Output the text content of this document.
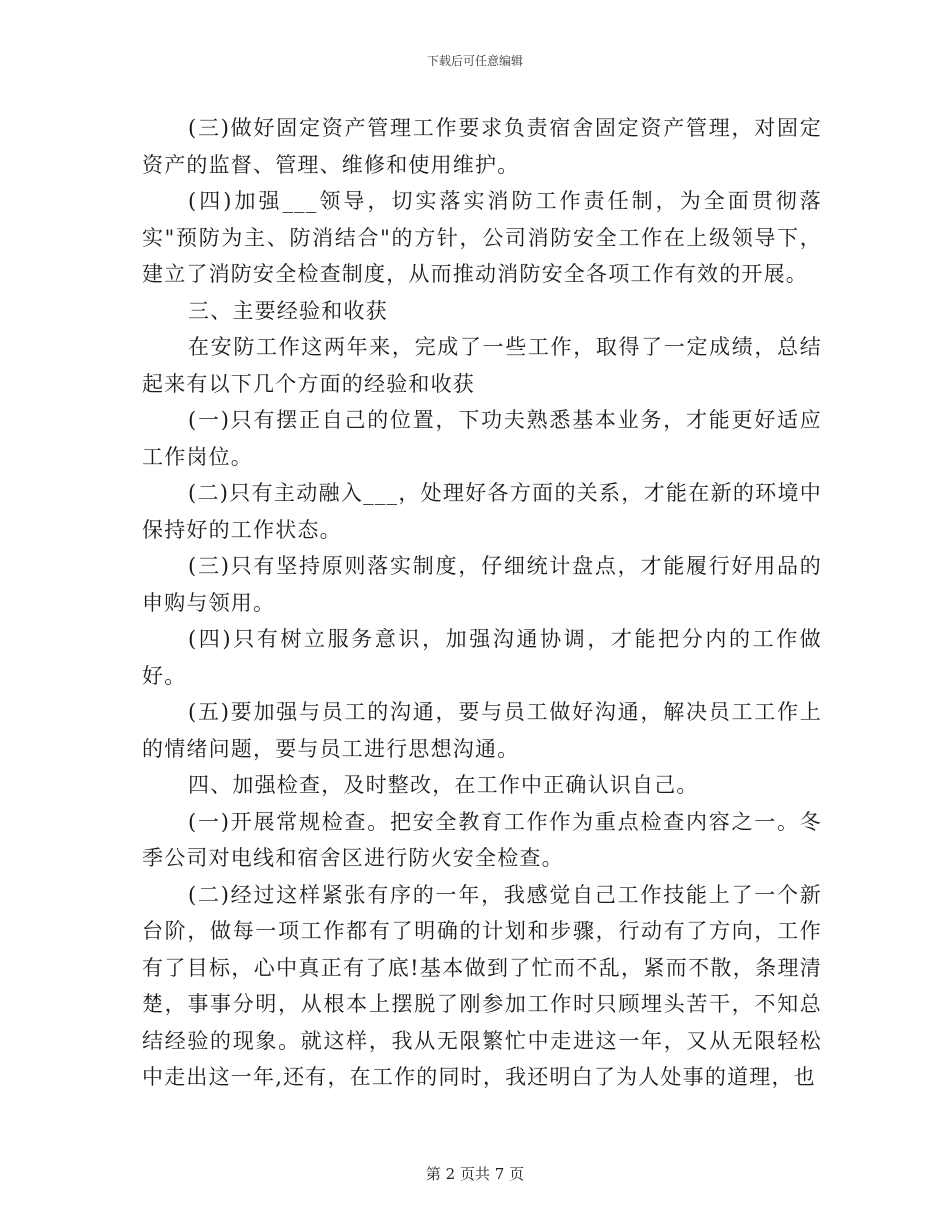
下载后可任意编辑

(三)做好固定资产管理工作要求负责宿舍固定资产管理，对固定资产的监督、管理、维修和使用维护。

(四)加强___领导，切实落实消防工作责任制，为全面贯彻落实"预防为主、防消结合"的方针，公司消防安全工作在上级领导下，建立了消防安全检查制度，从而推动消防安全各项工作有效的开展。

三、主要经验和收获

在安防工作这两年来，完成了一些工作，取得了一定成绩，总结起来有以下几个方面的经验和收获

(一)只有摆正自己的位置，下功夫熟悉基本业务，才能更好适应工作岗位。

(二)只有主动融入___，处理好各方面的关系，才能在新的环境中保持好的工作状态。

(三)只有坚持原则落实制度，仔细统计盘点，才能履行好用品的申购与领用。

(四)只有树立服务意识，加强沟通协调，才能把分内的工作做好。

(五)要加强与员工的沟通，要与员工做好沟通，解决员工工作上的情绪问题，要与员工进行思想沟通。

四、加强检查，及时整改，在工作中正确认识自己。

(一)开展常规检查。把安全教育工作作为重点检查内容之一。冬季公司对电线和宿舍区进行防火安全检查。

(二)经过这样紧张有序的一年，我感觉自己工作技能上了一个新台阶，做每一项工作都有了明确的计划和步骤，行动有了方向，工作有了目标，心中真正有了底!基本做到了忙而不乱，紧而不散，条理清楚，事事分明，从根本上摆脱了刚参加工作时只顾埋头苦干，不知总结经验的现象。就这样，我从无限繁忙中走进这一年，又从无限轻松中走出这一年,还有，在工作的同时，我还明白了为人处事的道理，也

第 2 页共 7 页
